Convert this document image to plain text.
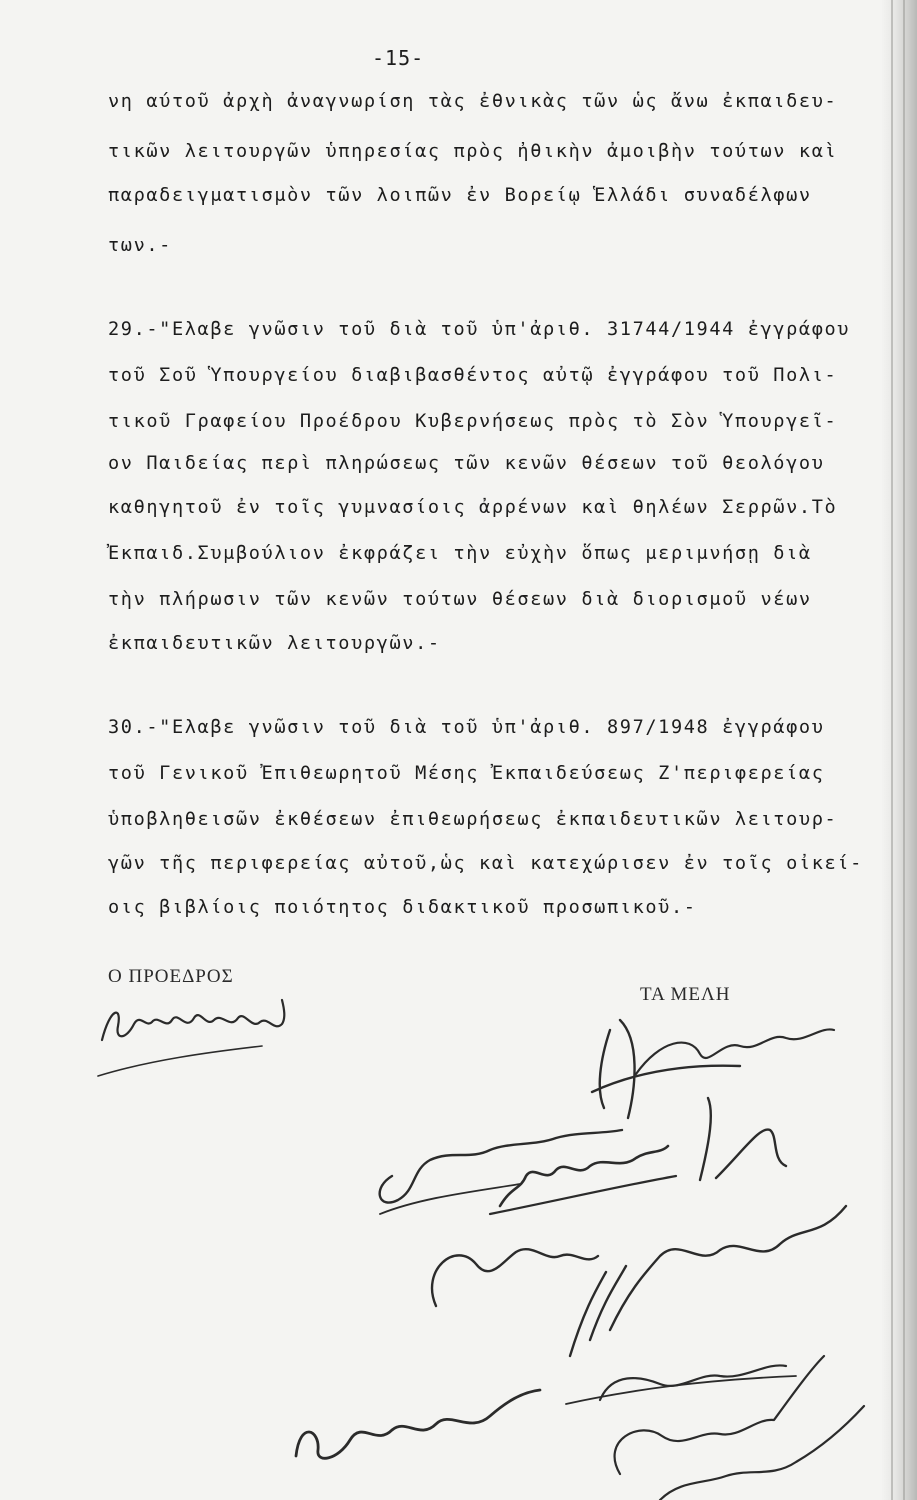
-15-
νη αύτοῦ ἀρχὴ ἀναγνωρίση τὰς ἐθνικὰς τῶν ὡς ἄνω ἐκπαιδευ-
τικῶν λειτουργῶν ὑπηρεσίας πρὸς ἠθικὴν ἀμοιβὴν τούτων καὶ
παραδειγματισμὸν τῶν λοιπῶν ἐν Βορείῳ Ἑλλάδι συναδέλφων
των.-
29.-"Ελαβε γνῶσιν τοῦ διὰ τοῦ ὑπ'ἀριθ. 31744/1944 ἐγγράφου
τοῦ Σοῦ Ὑπουργείου διαβιβασθέντος αὐτῷ ἐγγράφου τοῦ Πολι-
τικοῦ Γραφείου Προέδρου Κυβερνήσεως πρὸς τὸ Σὸν Ὑπουργεῖ-
ον Παιδείας περὶ πληρώσεως τῶν κενῶν θέσεων τοῦ θεολόγου
καθηγητοῦ ἐν τοῖς γυμνασίοις ἀρρένων καὶ θηλέων Σερρῶν.Τὸ
Ἐκπαιδ.Συμβούλιον ἐκφράζει τὴν εὐχὴν ὅπως μεριμνήσῃ διὰ
τὴν πλήρωσιν τῶν κενῶν τούτων θέσεων διὰ διορισμοῦ νέων
ἐκπαιδευτικῶν λειτουργῶν.-
30.-"Ελαβε γνῶσιν τοῦ διὰ τοῦ ὑπ'ἀριθ. 897/1948 ἐγγράφου
τοῦ Γενικοῦ Ἐπιθεωρητοῦ Μέσης Ἐκπαιδεύσεως Ζ'περιφερείας
ὑποβληθεισῶν ἐκθέσεων ἐπιθεωρήσεως ἐκπαιδευτικῶν λειτουρ-
γῶν τῆς περιφερείας αὐτοῦ,ὡς καὶ κατεχώρισεν ἐν τοῖς οἰκεί-
οις βιβλίοις ποιότητος διδακτικοῦ προσωπικοῦ.-
Ο ΠΡΟΕΔΡΟΣ
ΤΑ ΜΕΛΗ
